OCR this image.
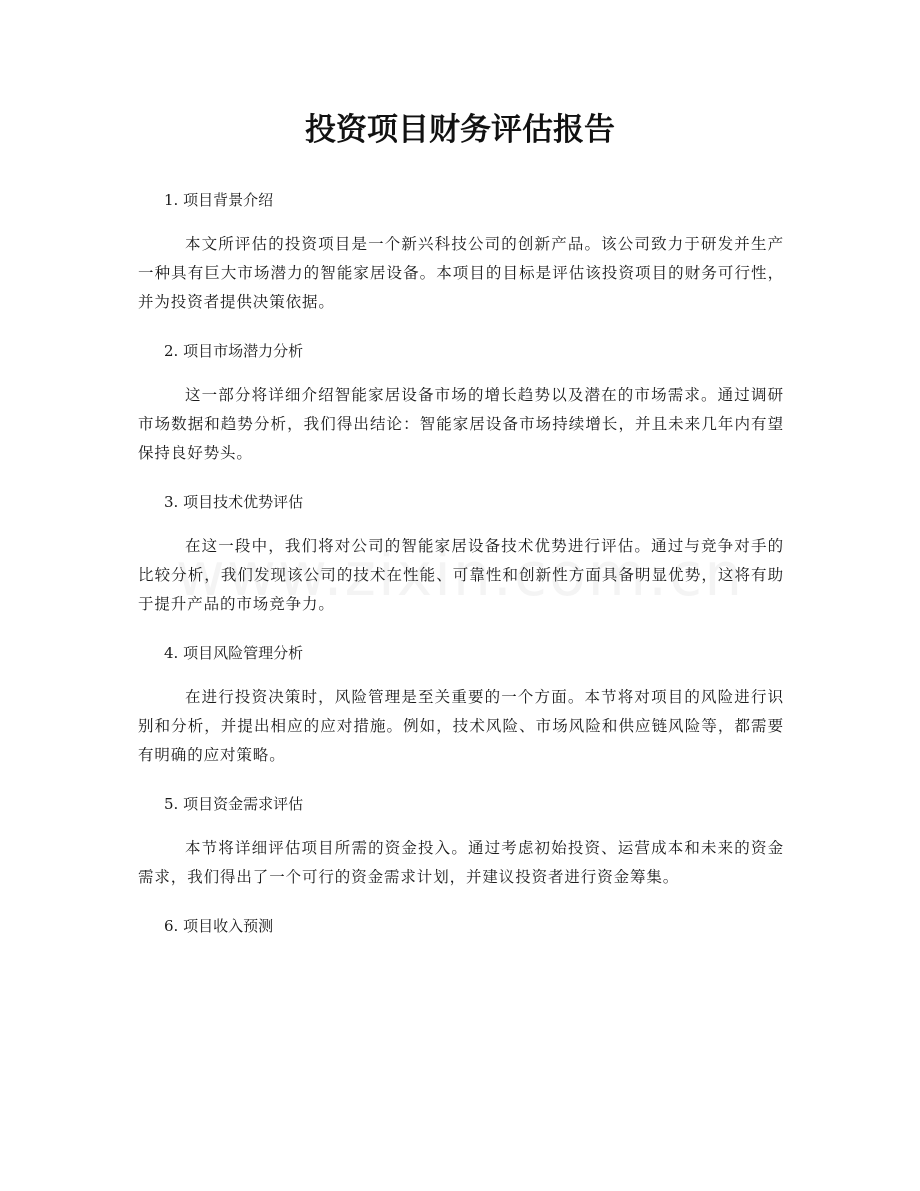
投资项目财务评估报告

1. 项目背景介绍

本文所评估的投资项目是一个新兴科技公司的创新产品。该公司致力于研发并生产一种具有巨大市场潜力的智能家居设备。本项目的目标是评估该投资项目的财务可行性，并为投资者提供决策依据。

2. 项目市场潜力分析

这一部分将详细介绍智能家居设备市场的增长趋势以及潜在的市场需求。通过调研市场数据和趋势分析，我们得出结论：智能家居设备市场持续增长，并且未来几年内有望保持良好势头。

3. 项目技术优势评估

在这一段中，我们将对公司的智能家居设备技术优势进行评估。通过与竞争对手的比较分析，我们发现该公司的技术在性能、可靠性和创新性方面具备明显优势，这将有助于提升产品的市场竞争力。

4. 项目风险管理分析

在进行投资决策时，风险管理是至关重要的一个方面。本节将对项目的风险进行识别和分析，并提出相应的应对措施。例如，技术风险、市场风险和供应链风险等，都需要有明确的应对策略。

5. 项目资金需求评估

本节将详细评估项目所需的资金投入。通过考虑初始投资、运营成本和未来的资金需求，我们得出了一个可行的资金需求计划，并建议投资者进行资金筹集。

6. 项目收入预测
